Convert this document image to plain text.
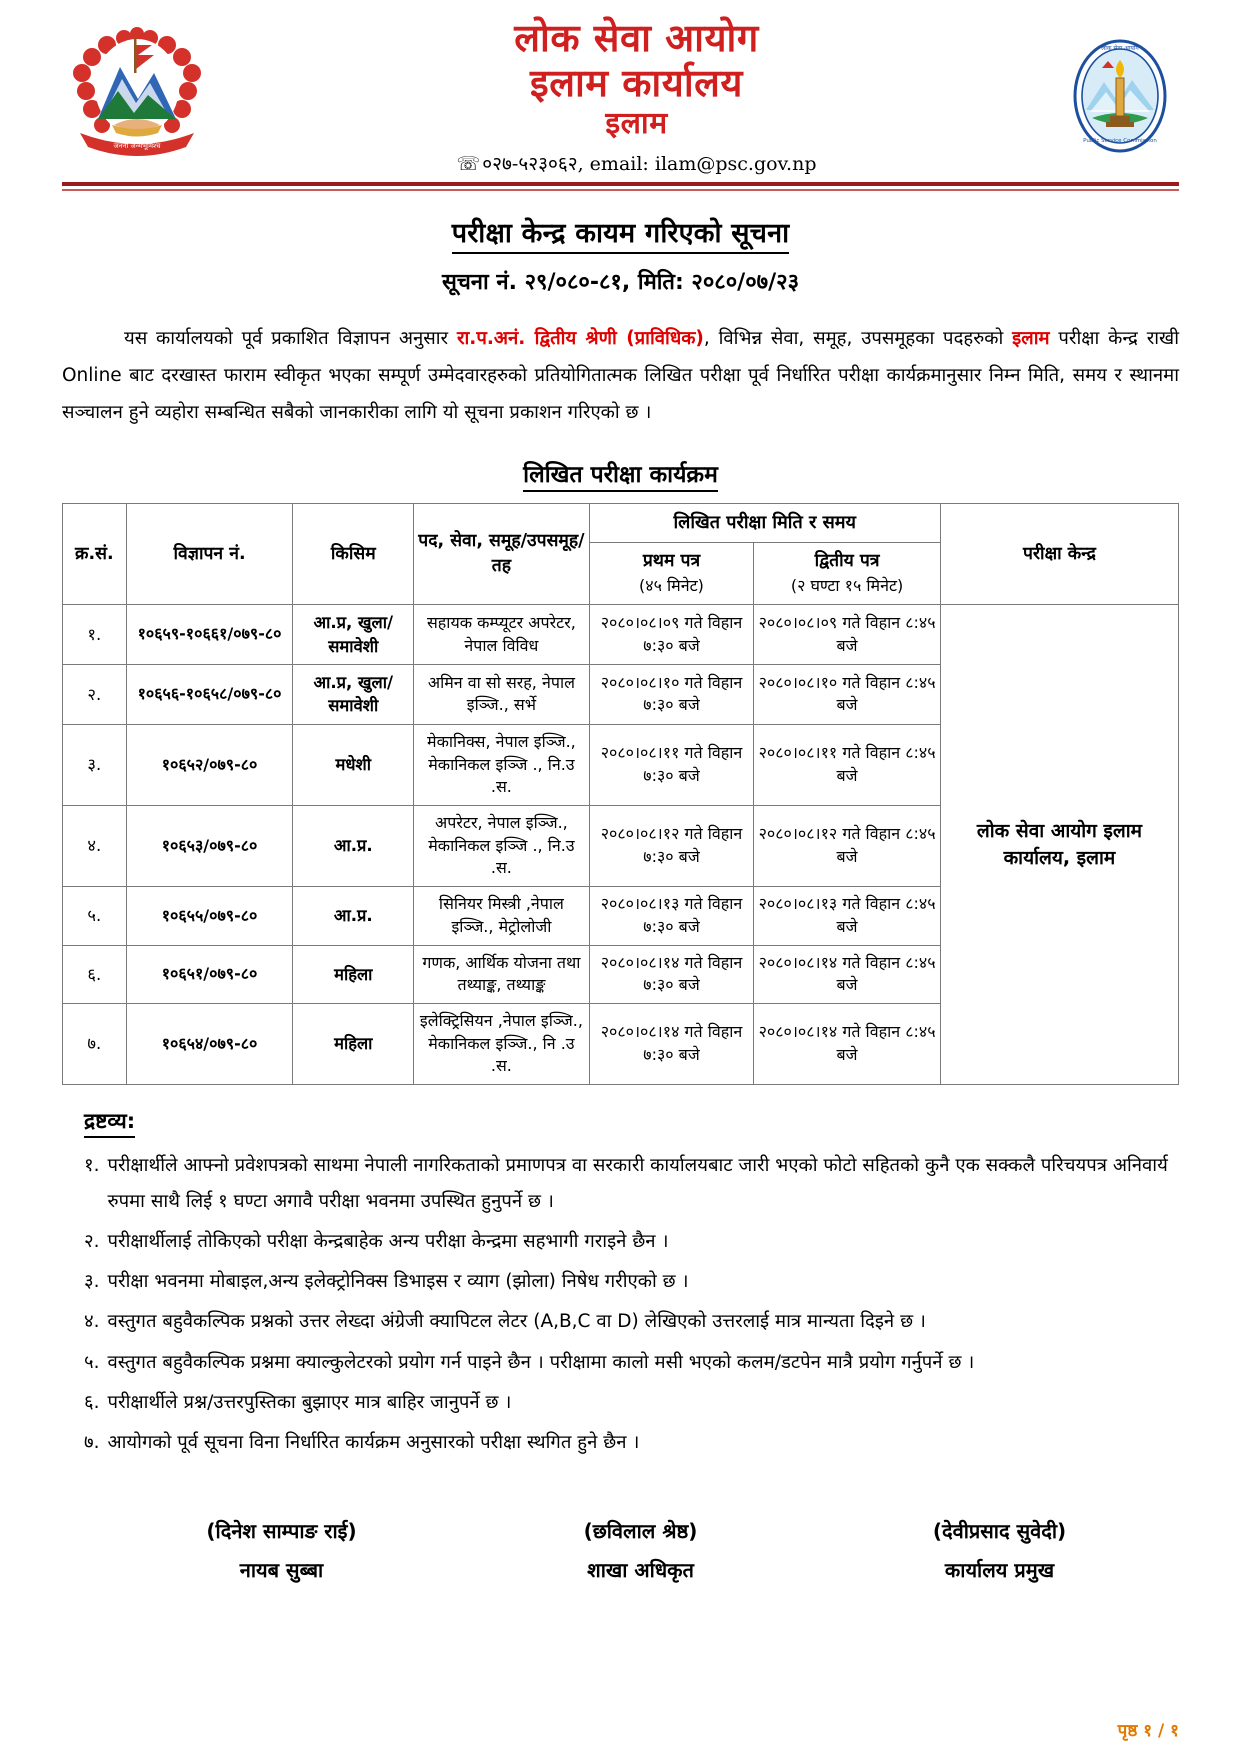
जननी जन्मभूमिश्च
लोक सेवा आयोग
इलाम कार्यालय
इलाम
☏ ०२७-५२३०६२, email: ilam@psc.gov.np
लोक सेवा आयोग
Public Service Commission
परीक्षा केन्द्र कायम गरिएको सूचना
सूचना नं. २९/०८०-८१, मिति: २०८०/०७/२३

यस कार्यालयको पूर्व प्रकाशित विज्ञापन अनुसार रा.प.अनं. द्वितीय श्रेणी (प्राविधिक), विभिन्न सेवा, समूह, उपसमूहका पदहरुको इलाम परीक्षा केन्द्र राखी Online बाट दरखास्त फाराम स्वीकृत भएका सम्पूर्ण उम्मेदवारहरुको प्रतियोगितात्मक लिखित परीक्षा पूर्व निर्धारित परीक्षा कार्यक्रमानुसार निम्न मिति, समय र स्थानमा सञ्चालन हुने व्यहोरा सम्बन्धित सबैको जानकारीका लागि यो सूचना प्रकाशन गरिएको छ ।

लिखित परीक्षा कार्यक्रम
क्र.सं.	विज्ञापन नं.	किसिम	पद, सेवा, समूह/उपसमूह/तह	लिखित परीक्षा मिति र समय		परीक्षा केन्द्र
				प्रथम पत्र
(४५ मिनेट)	द्वितीय पत्र
(२ घण्टा १५ मिनेट)	

१.	१०६५९-१०६६१/०७९-८०	आ.प्र, खुला/समावेशी	सहायक कम्प्यूटर अपरेटर, नेपाल विविध	२०८०।०८।०९ गते विहान ७:३० बजे	२०८०।०८।०९ गते विहान ८:४५ बजे	लोक सेवा आयोग इलाम कार्यालय, इलाम
२.	१०६५६-१०६५८/०७९-८०	आ.प्र, खुला/समावेशी	अमिन वा सो सरह, नेपाल इञ्जि., सर्भे	२०८०।०८।१० गते विहान ७:३० बजे	२०८०।०८।१० गते विहान ८:४५ बजे	
३.	१०६५२/०७९-८०	मधेशी	मेकानिक्स, नेपाल इञ्जि., मेकानिकल इञ्जि ., नि.उ .स.	२०८०।०८।११ गते विहान ७:३० बजे	२०८०।०८।११ गते विहान ८:४५ बजे	
४.	१०६५३/०७९-८०	आ.प्र.	अपरेटर, नेपाल इञ्जि., मेकानिकल इञ्जि ., नि.उ .स.	२०८०।०८।१२ गते विहान ७:३० बजे	२०८०।०८।१२ गते विहान ८:४५ बजे	
५.	१०६५५/०७९-८०	आ.प्र.	सिनियर मिस्त्री ,नेपाल इञ्जि., मेट्रोलोजी	२०८०।०८।१३ गते विहान ७:३० बजे	२०८०।०८।१३ गते विहान ८:४५ बजे	
६.	१०६५१/०७९-८०	महिला	गणक, आर्थिक योजना तथा तथ्याङ्क, तथ्याङ्क	२०८०।०८।१४ गते विहान ७:३० बजे	२०८०।०८।१४ गते विहान ८:४५ बजे	
७.	१०६५४/०७९-८०	महिला	इलेक्ट्रिसियन ,नेपाल इञ्जि., मेकानिकल इञ्जि., नि .उ .स.	२०८०।०८।१४ गते विहान ७:३० बजे	२०८०।०८।१४ गते विहान ८:४५ बजे	
द्रष्टव्य:
१. परीक्षार्थीले आफ्नो प्रवेशपत्रको साथमा नेपाली नागरिकताको प्रमाणपत्र वा सरकारी कार्यालयबाट जारी भएको फोटो सहितको कुनै एक सक्कलै परिचयपत्र अनिवार्य रुपमा साथै लिई १ घण्टा अगावै परीक्षा भवनमा उपस्थित हुनुपर्ने छ ।
२. परीक्षार्थीलाई तोकिएको परीक्षा केन्द्रबाहेक अन्य परीक्षा केन्द्रमा सहभागी गराइने छैन ।
३. परीक्षा भवनमा मोबाइल,अन्य इलेक्ट्रोनिक्स डिभाइस र व्याग (झोला) निषेध गरीएको छ ।
४. वस्तुगत बहुवैकल्पिक प्रश्नको उत्तर लेख्दा अंग्रेजी क्यापिटल लेटर (A,B,C वा D) लेखिएको उत्तरलाई मात्र मान्यता दिइने छ ।
५. वस्तुगत बहुवैकल्पिक प्रश्नमा क्याल्कुलेटरको प्रयोग गर्न पाइने छैन । परीक्षामा कालो मसी भएको कलम/डटपेन मात्रै प्रयोग गर्नुपर्ने छ ।
६. परीक्षार्थीले प्रश्न/उत्तरपुस्तिका बुझाएर मात्र बाहिर जानुपर्ने छ ।
७. आयोगको पूर्व सूचना विना निर्धारित कार्यक्रम अनुसारको परीक्षा स्थगित हुने छैन ।
(दिनेश साम्पाङ राई)
नायब सुब्बा
(छविलाल श्रेष्ठ)
शाखा अधिकृत
(देवीप्रसाद सुवेदी)
कार्यालय प्रमुख
पृष्ठ १ / १
